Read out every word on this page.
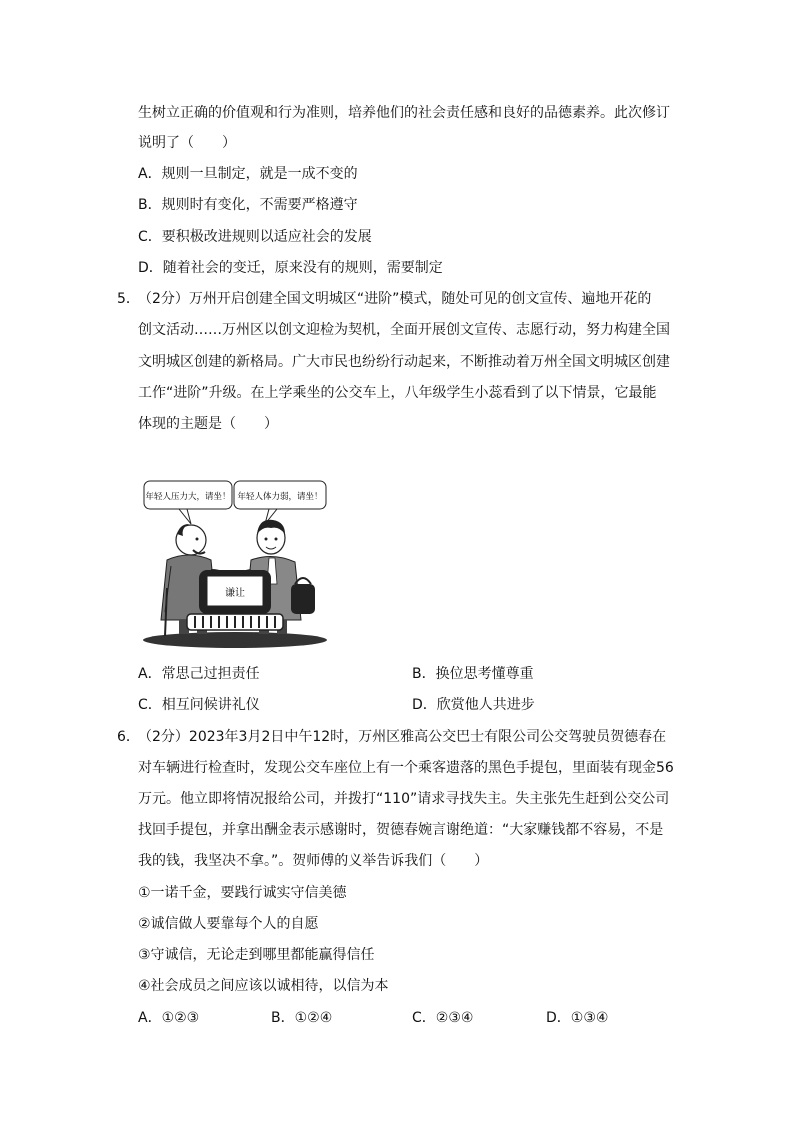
生树立正确的价值观和行为准则，培养他们的社会责任感和良好的品德素养。此次修订
说明了（　　）
A．规则一旦制定，就是一成不变的
B．规则时有变化，不需要严格遵守
C．要积极改进规则以适应社会的发展
D．随着社会的变迁，原来没有的规则，需要制定
5．
（2分）万州开启创建全国文明城区“进阶”模式，随处可见的创文宣传、遍地开花的
创文活动……万州区以创文迎检为契机，全面开展创文宣传、志愿行动，努力构建全国
文明城区创建的新格局。广大市民也纷纷行动起来，不断推动着万州全国文明城区创建
工作“进阶”升级。在上学乘坐的公交车上，八年级学生小蕊看到了以下情景，它最能
体现的主题是（　　）
年轻人压力大，请坐！ 年轻人体力弱，请坐！
谦让
A．常思己过担责任	B．换位思考懂尊重
C．相互问候讲礼仪	D．欣赏他人共进步
6．
（2分）2023年3月2日中午12时，万州区雅高公交巴士有限公司公交驾驶员贺德春在
对车辆进行检查时，发现公交车座位上有一个乘客遗落的黑色手提包，里面装有现金56
万元。他立即将情况报给公司，并拨打“110”请求寻找失主。失主张先生赶到公交公司
找回手提包，并拿出酬金表示感谢时，贺德春婉言谢绝道：“大家赚钱都不容易，不是
我的钱，我坚决不拿。”。贺师傅的义举告诉我们（　　）
①一诺千金，要践行诚实守信美德
②诚信做人要靠每个人的自愿
③守诚信，无论走到哪里都能赢得信任
④社会成员之间应该以诚相待，以信为本
A．①②③	B．①②④	C．②③④	D．①③④
